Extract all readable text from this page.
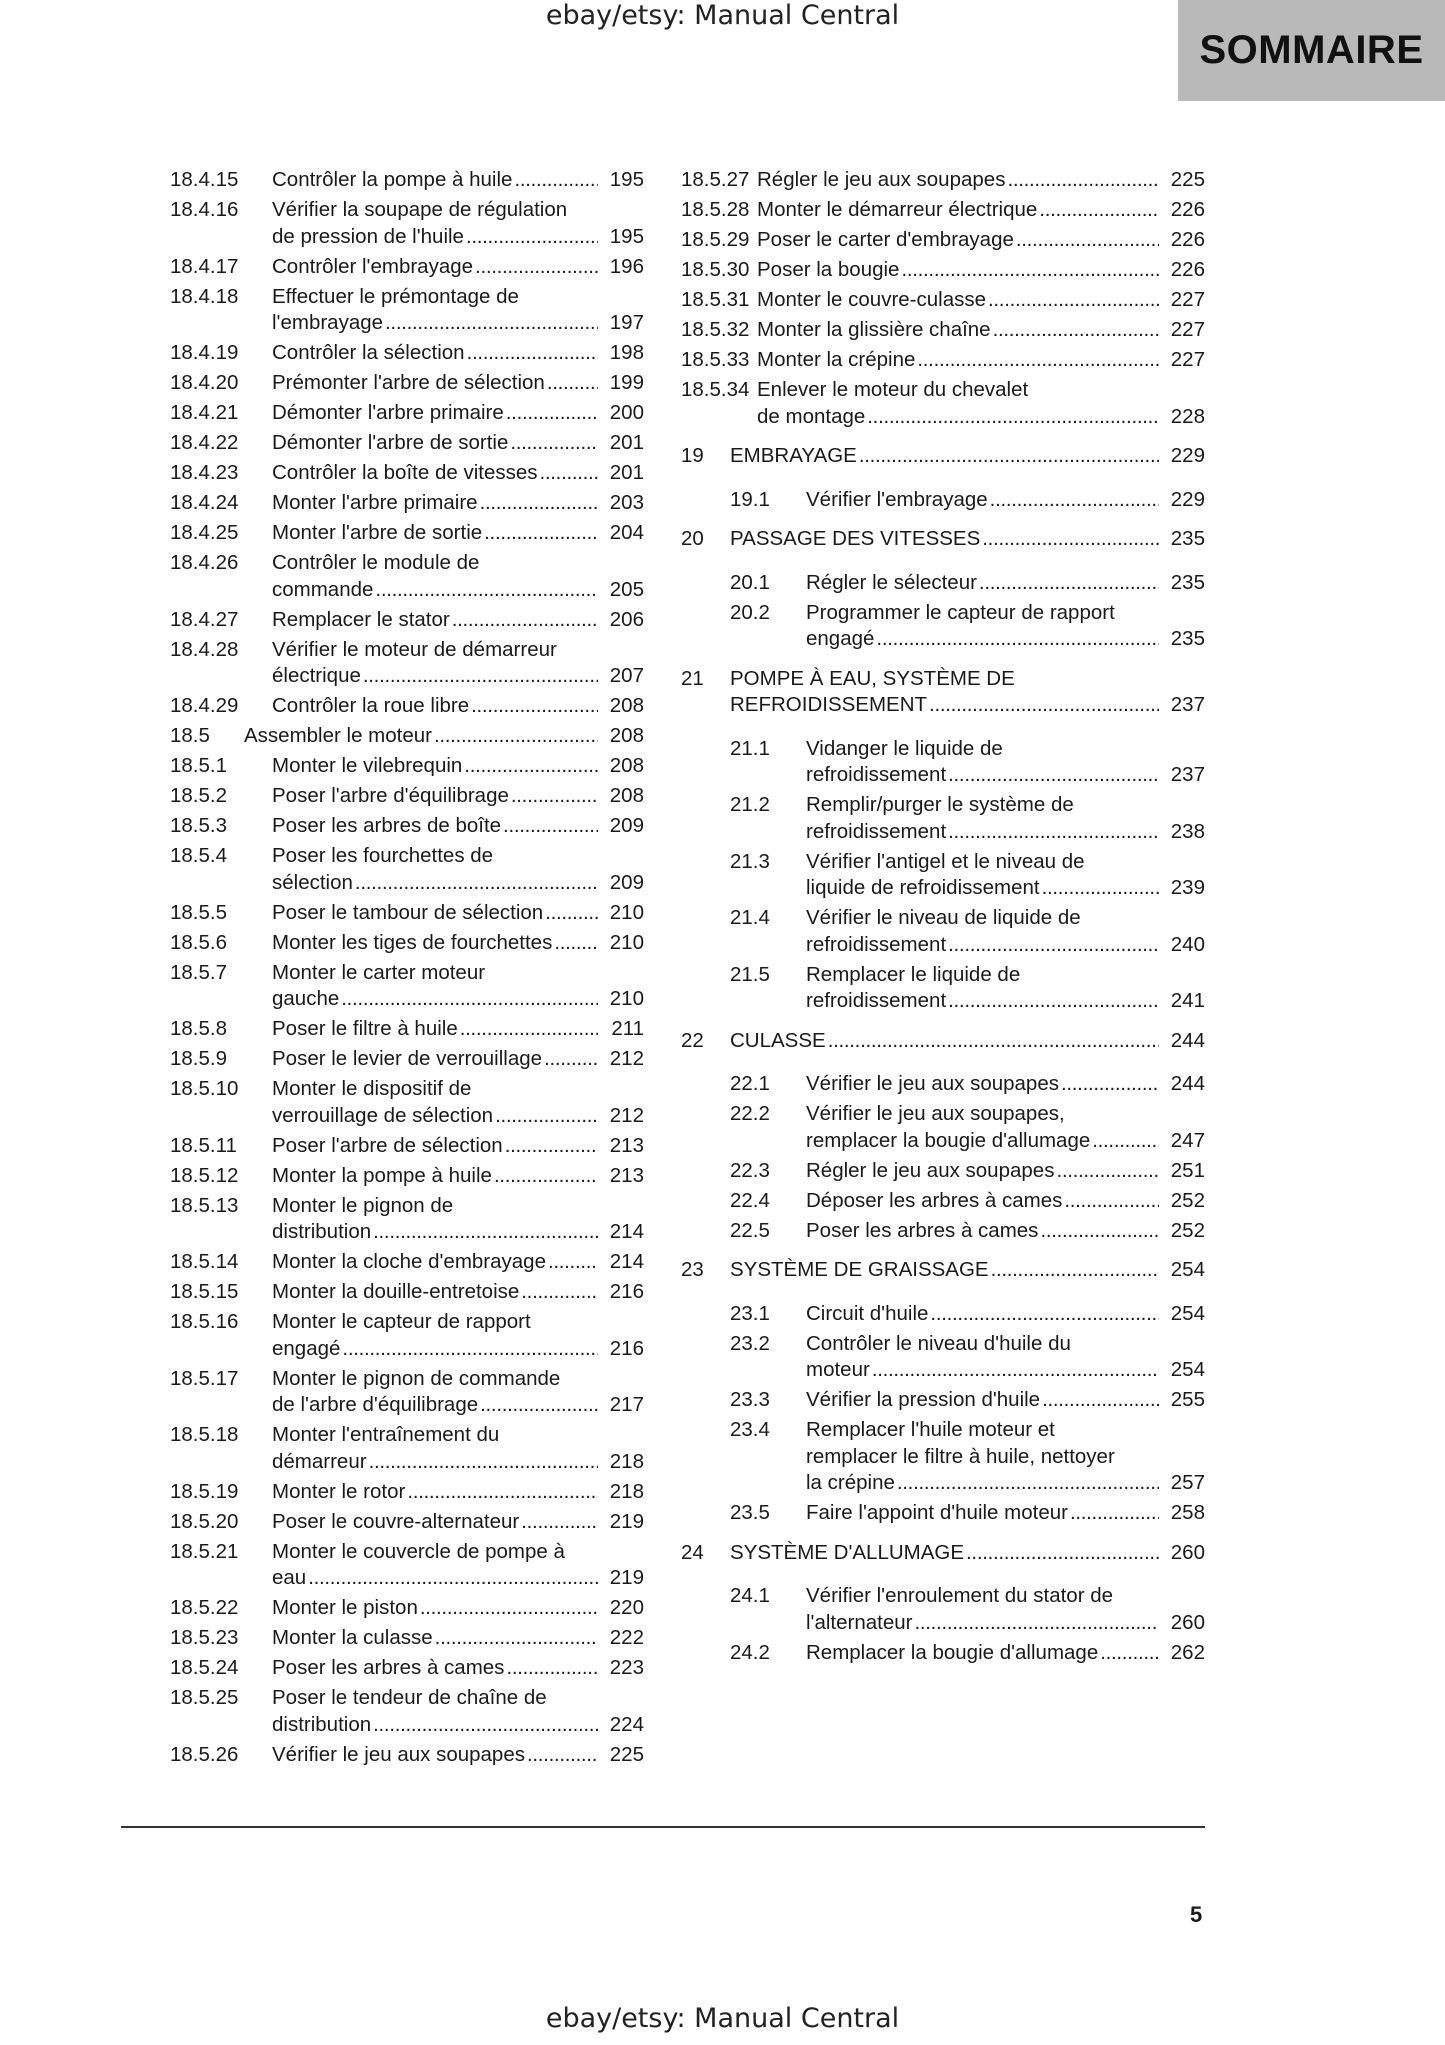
ebay/etsy: Manual Central
SOMMAIRE
18.4.15	Contrôler la pompe à huile . . .	195
18.4.16	Vérifier la soupape de régulation
de pression de l'huile . . .	195
18.4.17	Contrôler l'embrayage . . .	196
18.4.18	Effectuer le prémontage de
l'embrayage . . .	197
18.4.19	Contrôler la sélection . . .	198
18.4.20	Prémonter l'arbre de sélection . . .	199
18.4.21	Démonter l'arbre primaire . . .	200
18.4.22	Démonter l'arbre de sortie . . .	201
18.4.23	Contrôler la boîte de vitesses . . .	201
18.4.24	Monter l'arbre primaire . . .	203
18.4.25	Monter l'arbre de sortie . . .	204
18.4.26	Contrôler le module de
commande . . .	205
18.4.27	Remplacer le stator . . .	206
18.4.28	Vérifier le moteur de démarreur
électrique . . .	207
18.4.29	Contrôler la roue libre . . .	208
18.5	Assembler le moteur . . .	208
18.5.1	Monter le vilebrequin . . .	208
18.5.2	Poser l'arbre d'équilibrage . . .	208
18.5.3	Poser les arbres de boîte . . .	209
18.5.4	Poser les fourchettes de
sélection . . .	209
18.5.5	Poser le tambour de sélection . . .	210
18.5.6	Monter les tiges de fourchettes . . .	210
18.5.7	Monter le carter moteur
gauche . . .	210
18.5.8	Poser le filtre à huile . . .	211
18.5.9	Poser le levier de verrouillage . . .	212
18.5.10	Monter le dispositif de
verrouillage de sélection . . .	212
18.5.11	Poser l'arbre de sélection . . .	213
18.5.12	Monter la pompe à huile . . .	213
18.5.13	Monter le pignon de
distribution . . .	214
18.5.14	Monter la cloche d'embrayage . . .	214
18.5.15	Monter la douille-entretoise . . .	216
18.5.16	Monter le capteur de rapport
engagé . . .	216
18.5.17	Monter le pignon de commande
de l'arbre d'équilibrage . . .	217
18.5.18	Monter l'entraînement du
démarreur . . .	218
18.5.19	Monter le rotor . . .	218
18.5.20	Poser le couvre-alternateur . . .	219
18.5.21	Monter le couvercle de pompe à
eau . . .	219
18.5.22	Monter le piston . . .	220
18.5.23	Monter la culasse . . .	222
18.5.24	Poser les arbres à cames . . .	223
18.5.25	Poser le tendeur de chaîne de
distribution . . .	224
18.5.26	Vérifier le jeu aux soupapes . . .	225
18.5.27 Régler le jeu aux soupapes . . .	225
18.5.28 Monter le démarreur électrique . . .	226
18.5.29 Poser le carter d'embrayage . . .	226
18.5.30 Poser la bougie . . .	226
18.5.31 Monter le couvre-culasse . . .	227
18.5.32 Monter la glissière chaîne . . .	227
18.5.33 Monter la crépine . . .	227
18.5.34 Enlever le moteur du chevalet
de montage . . .	228
19	EMBRAYAGE . . .	229
19.1	Vérifier l'embrayage . . .	229
20	PASSAGE DES VITESSES . . .	235
20.1	Régler le sélecteur . . .	235
20.2	Programmer le capteur de rapport
engagé . . .	235
21	POMPE À EAU, SYSTÈME DE
REFROIDISSEMENT . . .	237
21.1	Vidanger le liquide de
refroidissement . . .	237
21.2	Remplir/purger le système de
refroidissement . . .	238
21.3	Vérifier l'antigel et le niveau de
liquide de refroidissement . . .	239
21.4	Vérifier le niveau de liquide de
refroidissement . . .	240
21.5	Remplacer le liquide de
refroidissement . . .	241
22	CULASSE . . .	244
22.1	Vérifier le jeu aux soupapes . . .	244
22.2	Vérifier le jeu aux soupapes,
remplacer la bougie d'allumage . . .	247
22.3	Régler le jeu aux soupapes . . .	251
22.4	Déposer les arbres à cames . . .	252
22.5	Poser les arbres à cames . . .	252
23	SYSTÈME DE GRAISSAGE . . .	254
23.1	Circuit d'huile . . .	254
23.2	Contrôler le niveau d'huile du
moteur . . .	254
23.3	Vérifier la pression d'huile . . .	255
23.4	Remplacer l'huile moteur et
remplacer le filtre à huile, nettoyer
la crépine . . .	257
23.5	Faire l'appoint d'huile moteur . . .	258
24	SYSTÈME D'ALLUMAGE . . .	260
24.1	Vérifier l'enroulement du stator de
l'alternateur . . .	260
24.2	Remplacer la bougie d'allumage . . .	262
5
ebay/etsy: Manual Central
